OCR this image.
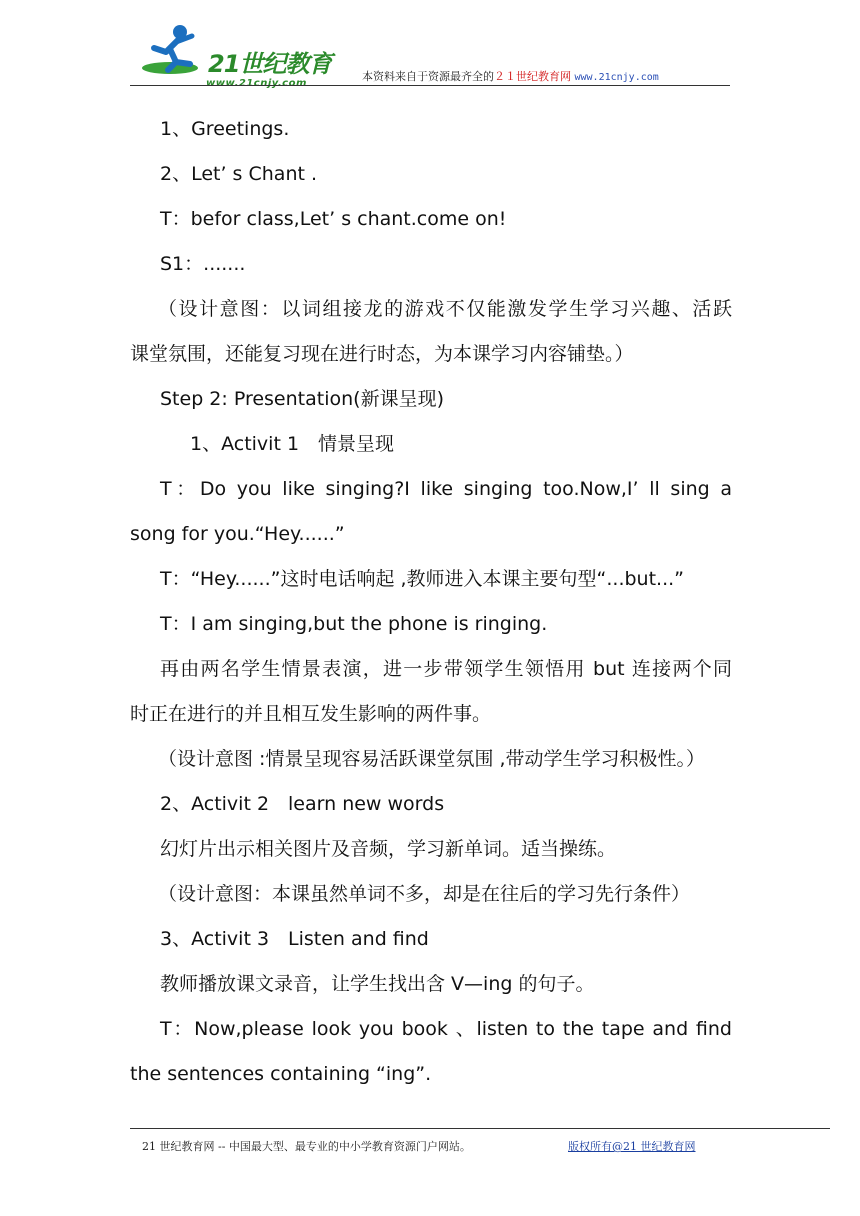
21世纪教育
www.21cnjy.com
本资料来自于资源最齐全的２１世纪教育网 www.21cnjy.com
1、Greetings.
2、Let’ s Chant .
T：befor class,Let’ s chant.come on!
S1：.......
（设计意图：以词组接龙的游戏不仅能激发学生学习兴趣、活跃
课堂氛围，还能复习现在进行时态，为本课学习内容铺垫。）
Step 2: Presentation(新课呈现)
1、Activit 1　情景呈现
T：Do you like singing?I like singing too.Now,I’ ll sing a
song for you.“Hey......”
T：“Hey......”这时电话响起 ,教师进入本课主要句型“...but...”
T：I am singing,but the phone is ringing.
再由两名学生情景表演，进一步带领学生领悟用 but 连接两个同
时正在进行的并且相互发生影响的两件事。
（设计意图 :情景呈现容易活跃课堂氛围 ,带动学生学习积极性。）
2、Activit 2　learn new words
幻灯片出示相关图片及音频，学习新单词。适当操练。
（设计意图：本课虽然单词不多，却是在往后的学习先行条件）
3、Activit 3　Listen and find
教师播放课文录音，让学生找出含 V—ing 的句子。
T：Now,please look you book 、listen to the tape and find
the sentences containing “ing”.
21 世纪教育网 -- 中国最大型、最专业的中小学教育资源门户网站。	版权所有@21 世纪教育网
